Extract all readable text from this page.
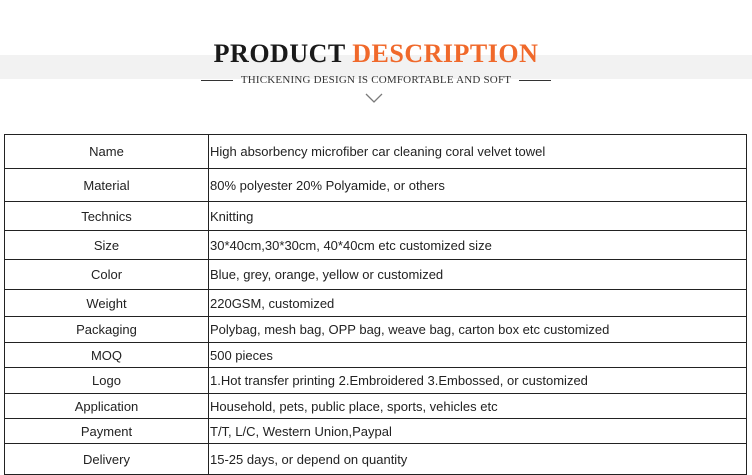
PRODUCT DESCRIPTION
THICKENING DESIGN IS COMFORTABLE AND SOFT
Name	High absorbency microfiber car cleaning coral velvet towel
Material	80% polyester 20% Polyamide, or others
Technics	Knitting
Size	30*40cm,30*30cm, 40*40cm etc customized size
Color	Blue, grey, orange, yellow or customized
Weight	220GSM, customized
Packaging	Polybag, mesh bag, OPP bag, weave bag, carton box etc customized
MOQ	500 pieces
Logo	1.Hot transfer printing 2.Embroidered 3.Embossed, or customized
Application	Household, pets, public place, sports, vehicles etc
Payment	T/T, L/C, Western Union,Paypal
Delivery	15-25 days, or depend on quantity
